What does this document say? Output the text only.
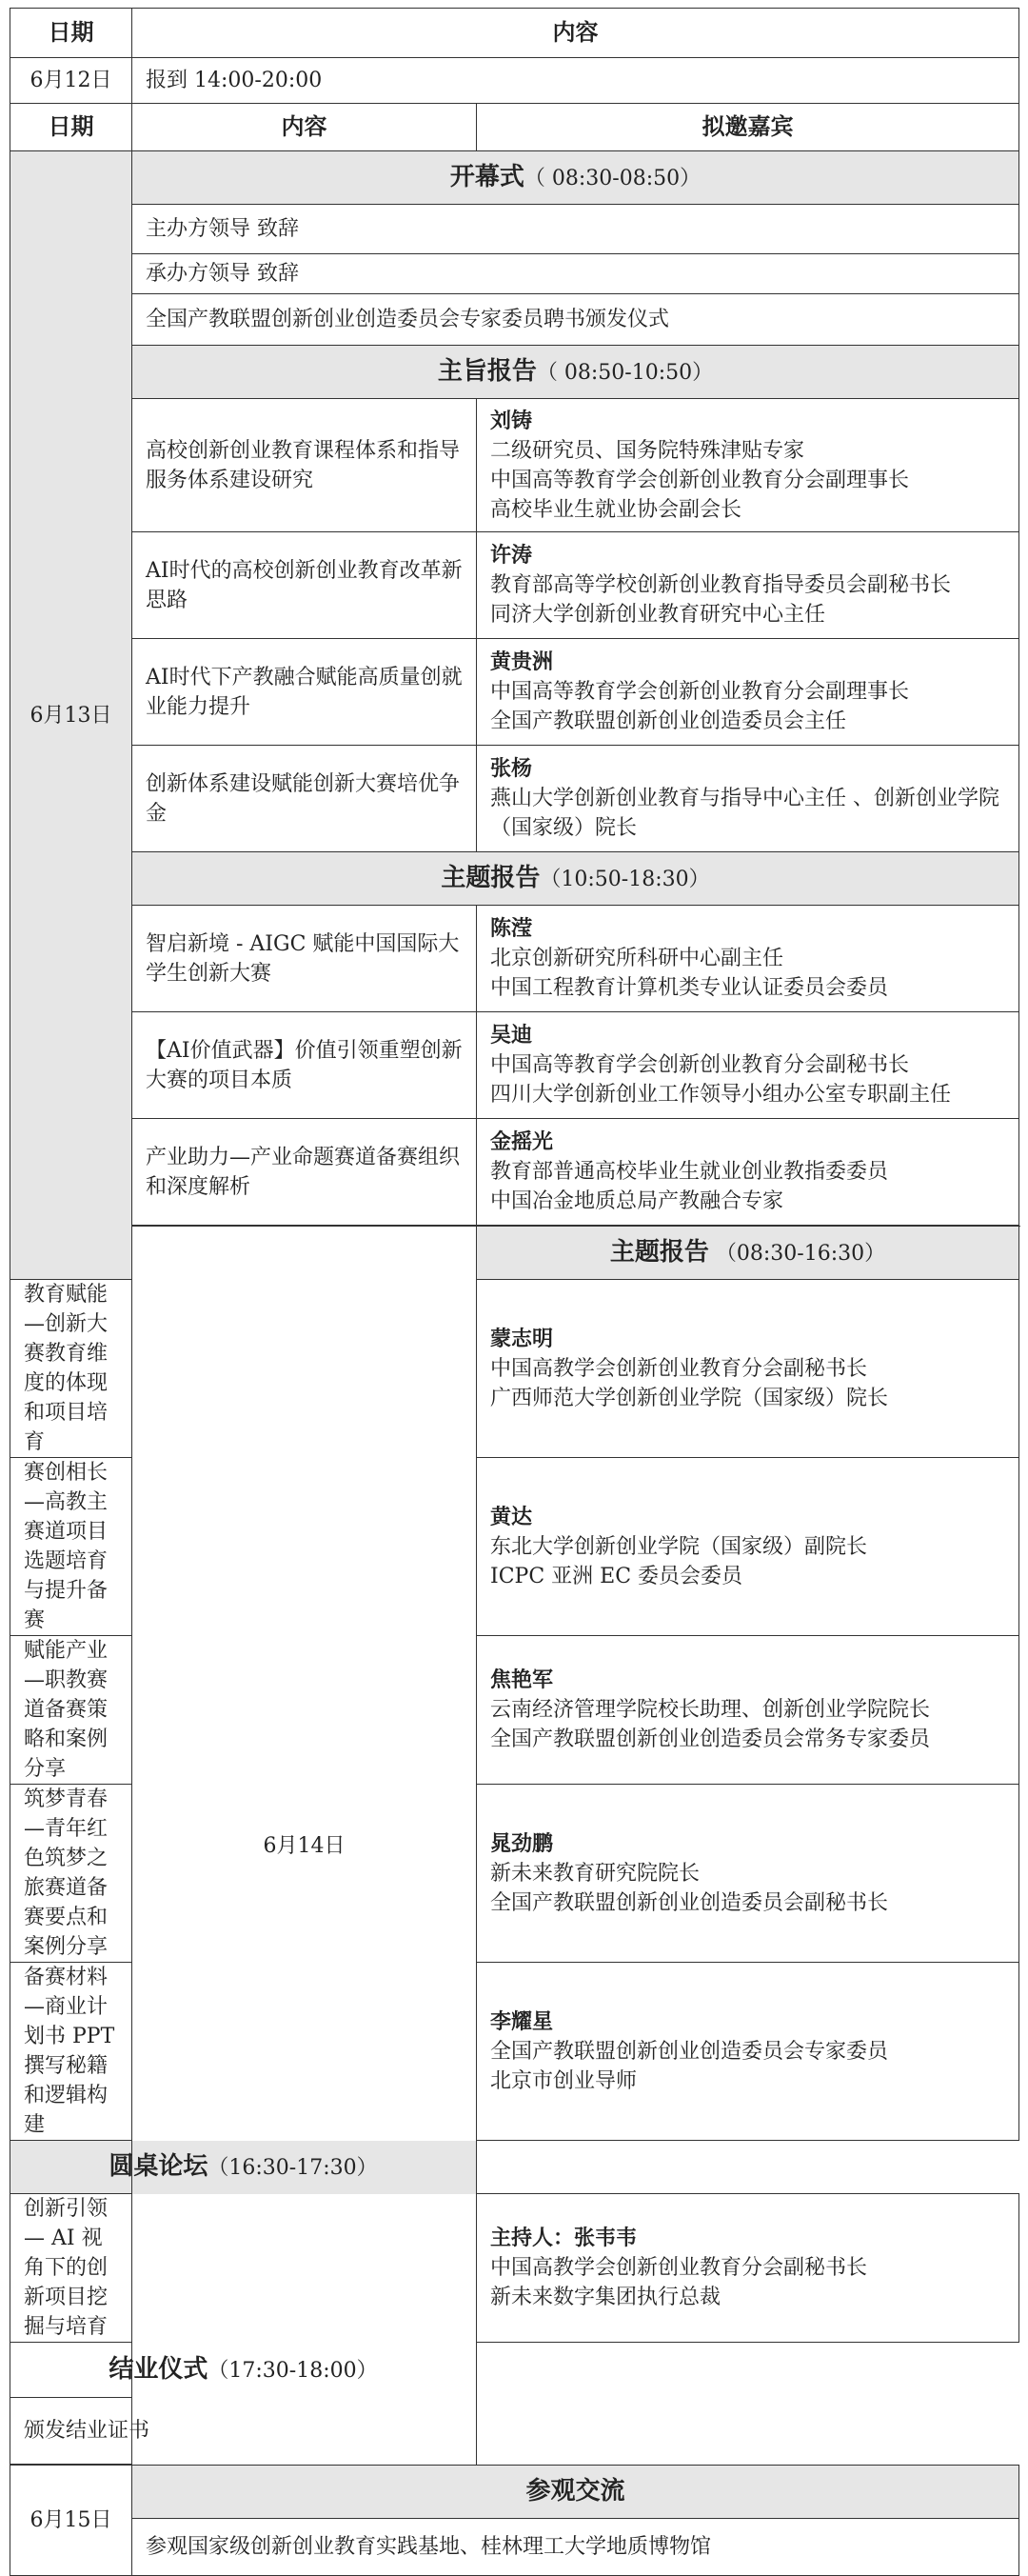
日期	内容	
6月12日	报到 14:00-20:00	
日期	内容	拟邀嘉宾
6月13日	开幕式（ 08:30-08:50）	
	主办方领导 致辞	
	承办方领导 致辞	
	全国产教联盟创新创业创造委员会专家委员聘书颁发仪式	
	主旨报告（ 08:50-10:50）	
	高校创新创业教育课程体系和指导服务体系建设研究	刘铸
二级研究员、国务院特殊津贴专家
中国高等教育学会创新创业教育分会副理事长
高校毕业生就业协会副会长

	AI时代的高校创新创业教育改革新思路	许涛
教育部高等学校创新创业教育指导委员会副秘书长
同济大学创新创业教育研究中心主任

	AI时代下产教融合赋能高质量创就业能力提升	黄贵洲
中国高等教育学会创新创业教育分会副理事长
全国产教联盟创新创业创造委员会主任

	创新体系建设赋能创新大赛培优争金	张杨
燕山大学创新创业教育与指导中心主任 、创新创业学院（国家级）院长

	主题报告（10:50-18:30）	
	智启新境 - AIGC 赋能中国国际大学生创新大赛	陈滢
北京创新研究所科研中心副主任
中国工程教育计算机类专业认证委员会委员

	【AI价值武器】价值引领重塑创新大赛的项目本质	吴迪
中国高等教育学会创新创业教育分会副秘书长
四川大学创新创业工作领导小组办公室专职副主任

	产业助力—产业命题赛道备赛组织和深度解析	金摇光
教育部普通高校毕业生就业创业教指委委员
中国冶金地质总局产教融合专家

	6月14日	主题报告 （08:30-16:30）
教育赋能—创新大赛教育维度的体现和项目培育		蒙志明
中国高教学会创新创业教育分会副秘书长
广西师范大学创新创业学院（国家级）院长

赛创相长—高教主赛道项目选题培育与提升备赛		黄达
东北大学创新创业学院（国家级）副院长
ICPC 亚洲 EC 委员会委员

赋能产业—职教赛道备赛策略和案例分享		焦艳军
云南经济管理学院校长助理、创新创业学院院长
全国产教联盟创新创业创造委员会常务专家委员

筑梦青春—青年红色筑梦之旅赛道备赛要点和案例分享		晁劲鹏
新未来教育研究院院长
全国产教联盟创新创业创造委员会副秘书长

备赛材料—商业计划书 PPT 撰写秘籍和逻辑构建		李耀星
全国产教联盟创新创业创造委员会专家委员
北京市创业导师

圆桌论坛（16:30-17:30）		
创新引领 — AI 视角下的创新项目挖掘与培育		主持人：张韦韦
中国高教学会创新创业教育分会副秘书长
新未来数字集团执行总裁

结业仪式（17:30-18:00）		
颁发结业证书		

6月15日	参观交流	
	参观国家级创新创业教育实践基地、桂林理工大学地质博物馆	
